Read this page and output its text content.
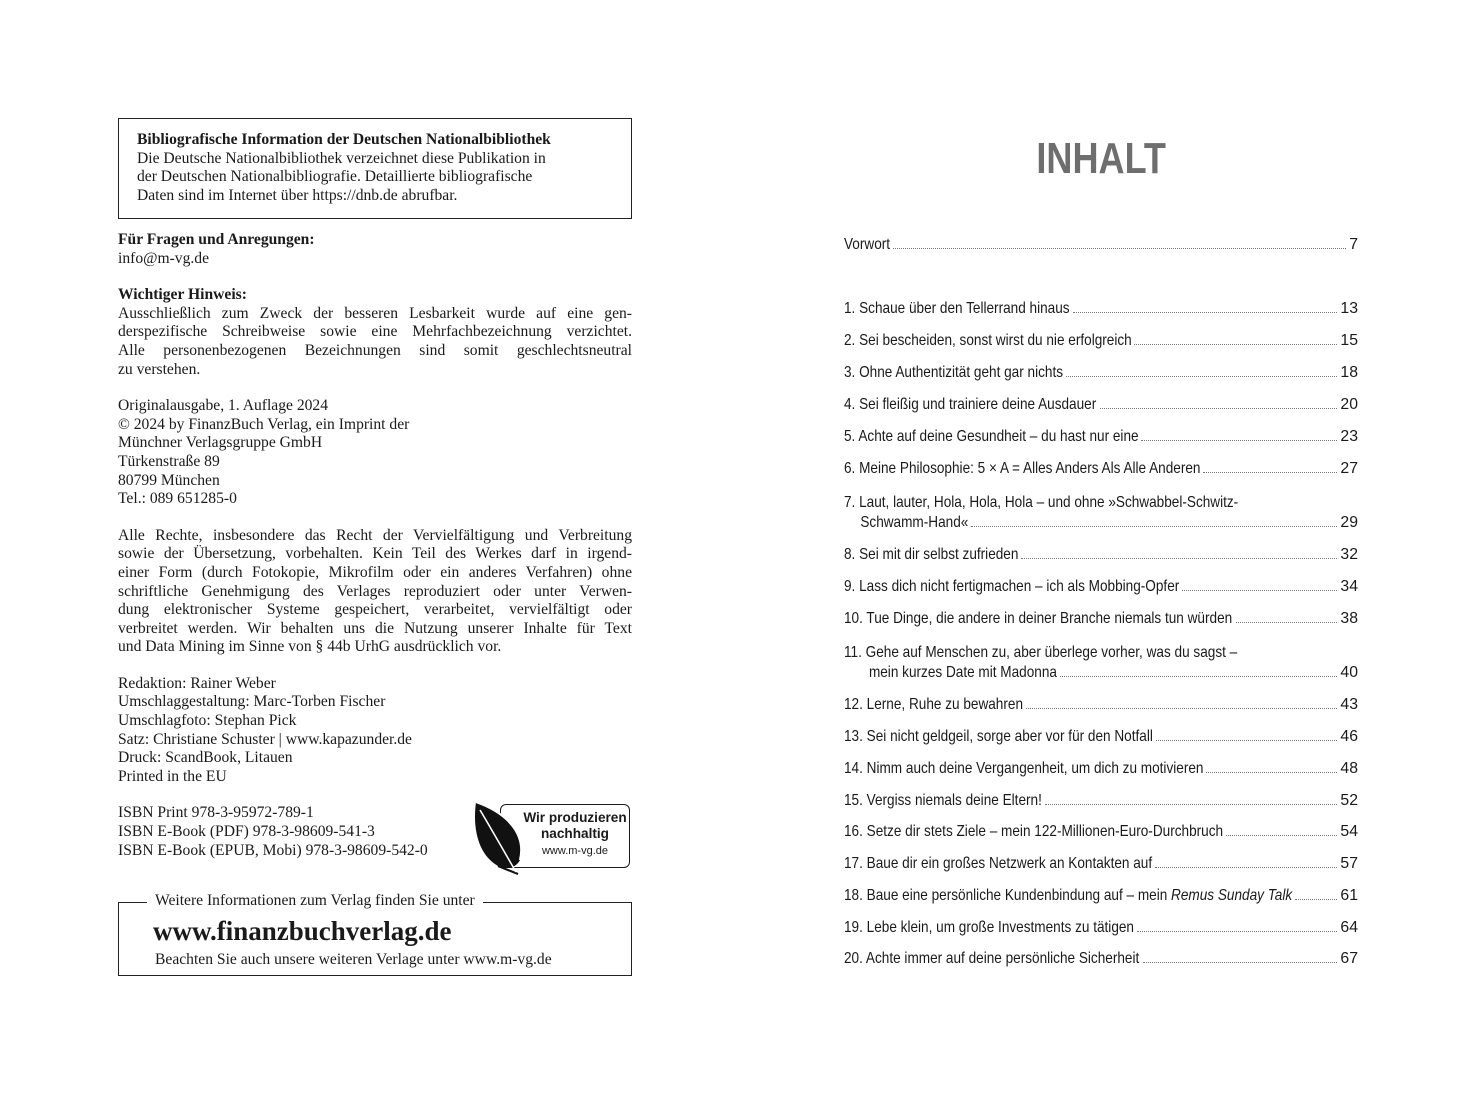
Bibliografische Information der Deutschen Nationalbibliothek
Die Deutsche Nationalbibliothek verzeichnet diese Publikation in
der Deutschen Nationalbibliografie. Detaillierte bibliografische
Daten sind im Internet über https://dnb.de abrufbar.
Für Fragen und Anregungen:
info@m-vg.de
Wichtiger Hinweis:
Ausschließlich zum Zweck der besseren Lesbarkeit wurde auf eine gen-
derspezifische Schreibweise sowie eine Mehrfachbezeichnung verzichtet.
Alle personenbezogenen Bezeichnungen sind somit geschlechtsneutral
zu verstehen.
Originalausgabe, 1. Auflage 2024
© 2024 by FinanzBuch Verlag, ein Imprint der
Münchner Verlagsgruppe GmbH
Türkenstraße 89
80799 München
Tel.: 089 651285-0
Alle Rechte, insbesondere das Recht der Vervielfältigung und Verbreitung
sowie der Übersetzung, vorbehalten. Kein Teil des Werkes darf in irgend-
einer Form (durch Fotokopie, Mikrofilm oder ein anderes Verfahren) ohne
schriftliche Genehmigung des Verlages reproduziert oder unter Verwen-
dung elektronischer Systeme gespeichert, verarbeitet, vervielfältigt oder
verbreitet werden. Wir behalten uns die Nutzung unserer Inhalte für Text
und Data Mining im Sinne von § 44b UrhG ausdrücklich vor.
Redaktion: Rainer Weber
Umschlaggestaltung: Marc-Torben Fischer
Umschlagfoto: Stephan Pick
Satz: Christiane Schuster | www.kapazunder.de
Druck: ScandBook, Litauen
Printed in the EU
ISBN Print 978-3-95972-789-1
ISBN E-Book (PDF) 978-3-98609-541-3
ISBN E-Book (EPUB, Mobi) 978-3-98609-542-0
Wir produzieren
nachhaltig
www.m-vg.de
Weitere Informationen zum Verlag finden Sie unter
www.finanzbuchverlag.de
Beachten Sie auch unsere weiteren Verlage unter www.m-vg.de
INHALT
Vorwort	7
1. Schaue über den Tellerrand hinaus	13
2. Sei bescheiden, sonst wirst du nie erfolgreich	15
3. Ohne Authentizität geht gar nichts	18
4. Sei fleißig und trainiere deine Ausdauer	20
5. Achte auf deine Gesundheit – du hast nur eine	23
6. Meine Philosophie: 5 × A = Alles Anders Als Alle Anderen	27
7. Laut, lauter, Hola, Hola, Hola – und ohne »Schwabbel-Schwitz-
Schwamm-Hand«	29
8. Sei mit dir selbst zufrieden	32
9. Lass dich nicht fertigmachen – ich als Mobbing-Opfer	34
10. Tue Dinge, die andere in deiner Branche niemals tun würden	38
11. Gehe auf Menschen zu, aber überlege vorher, was du sagst –
mein kurzes Date mit Madonna	40
12. Lerne, Ruhe zu bewahren	43
13. Sei nicht geldgeil, sorge aber vor für den Notfall	46
14. Nimm auch deine Vergangenheit, um dich zu motivieren	48
15. Vergiss niemals deine Eltern!	52
16. Setze dir stets Ziele – mein 122-Millionen-Euro-Durchbruch	54
17. Baue dir ein großes Netzwerk an Kontakten auf	57
18. Baue eine persönliche Kundenbindung auf – mein Remus Sunday Talk	61
19. Lebe klein, um große Investments zu tätigen	64
20. Achte immer auf deine persönliche Sicherheit	67
